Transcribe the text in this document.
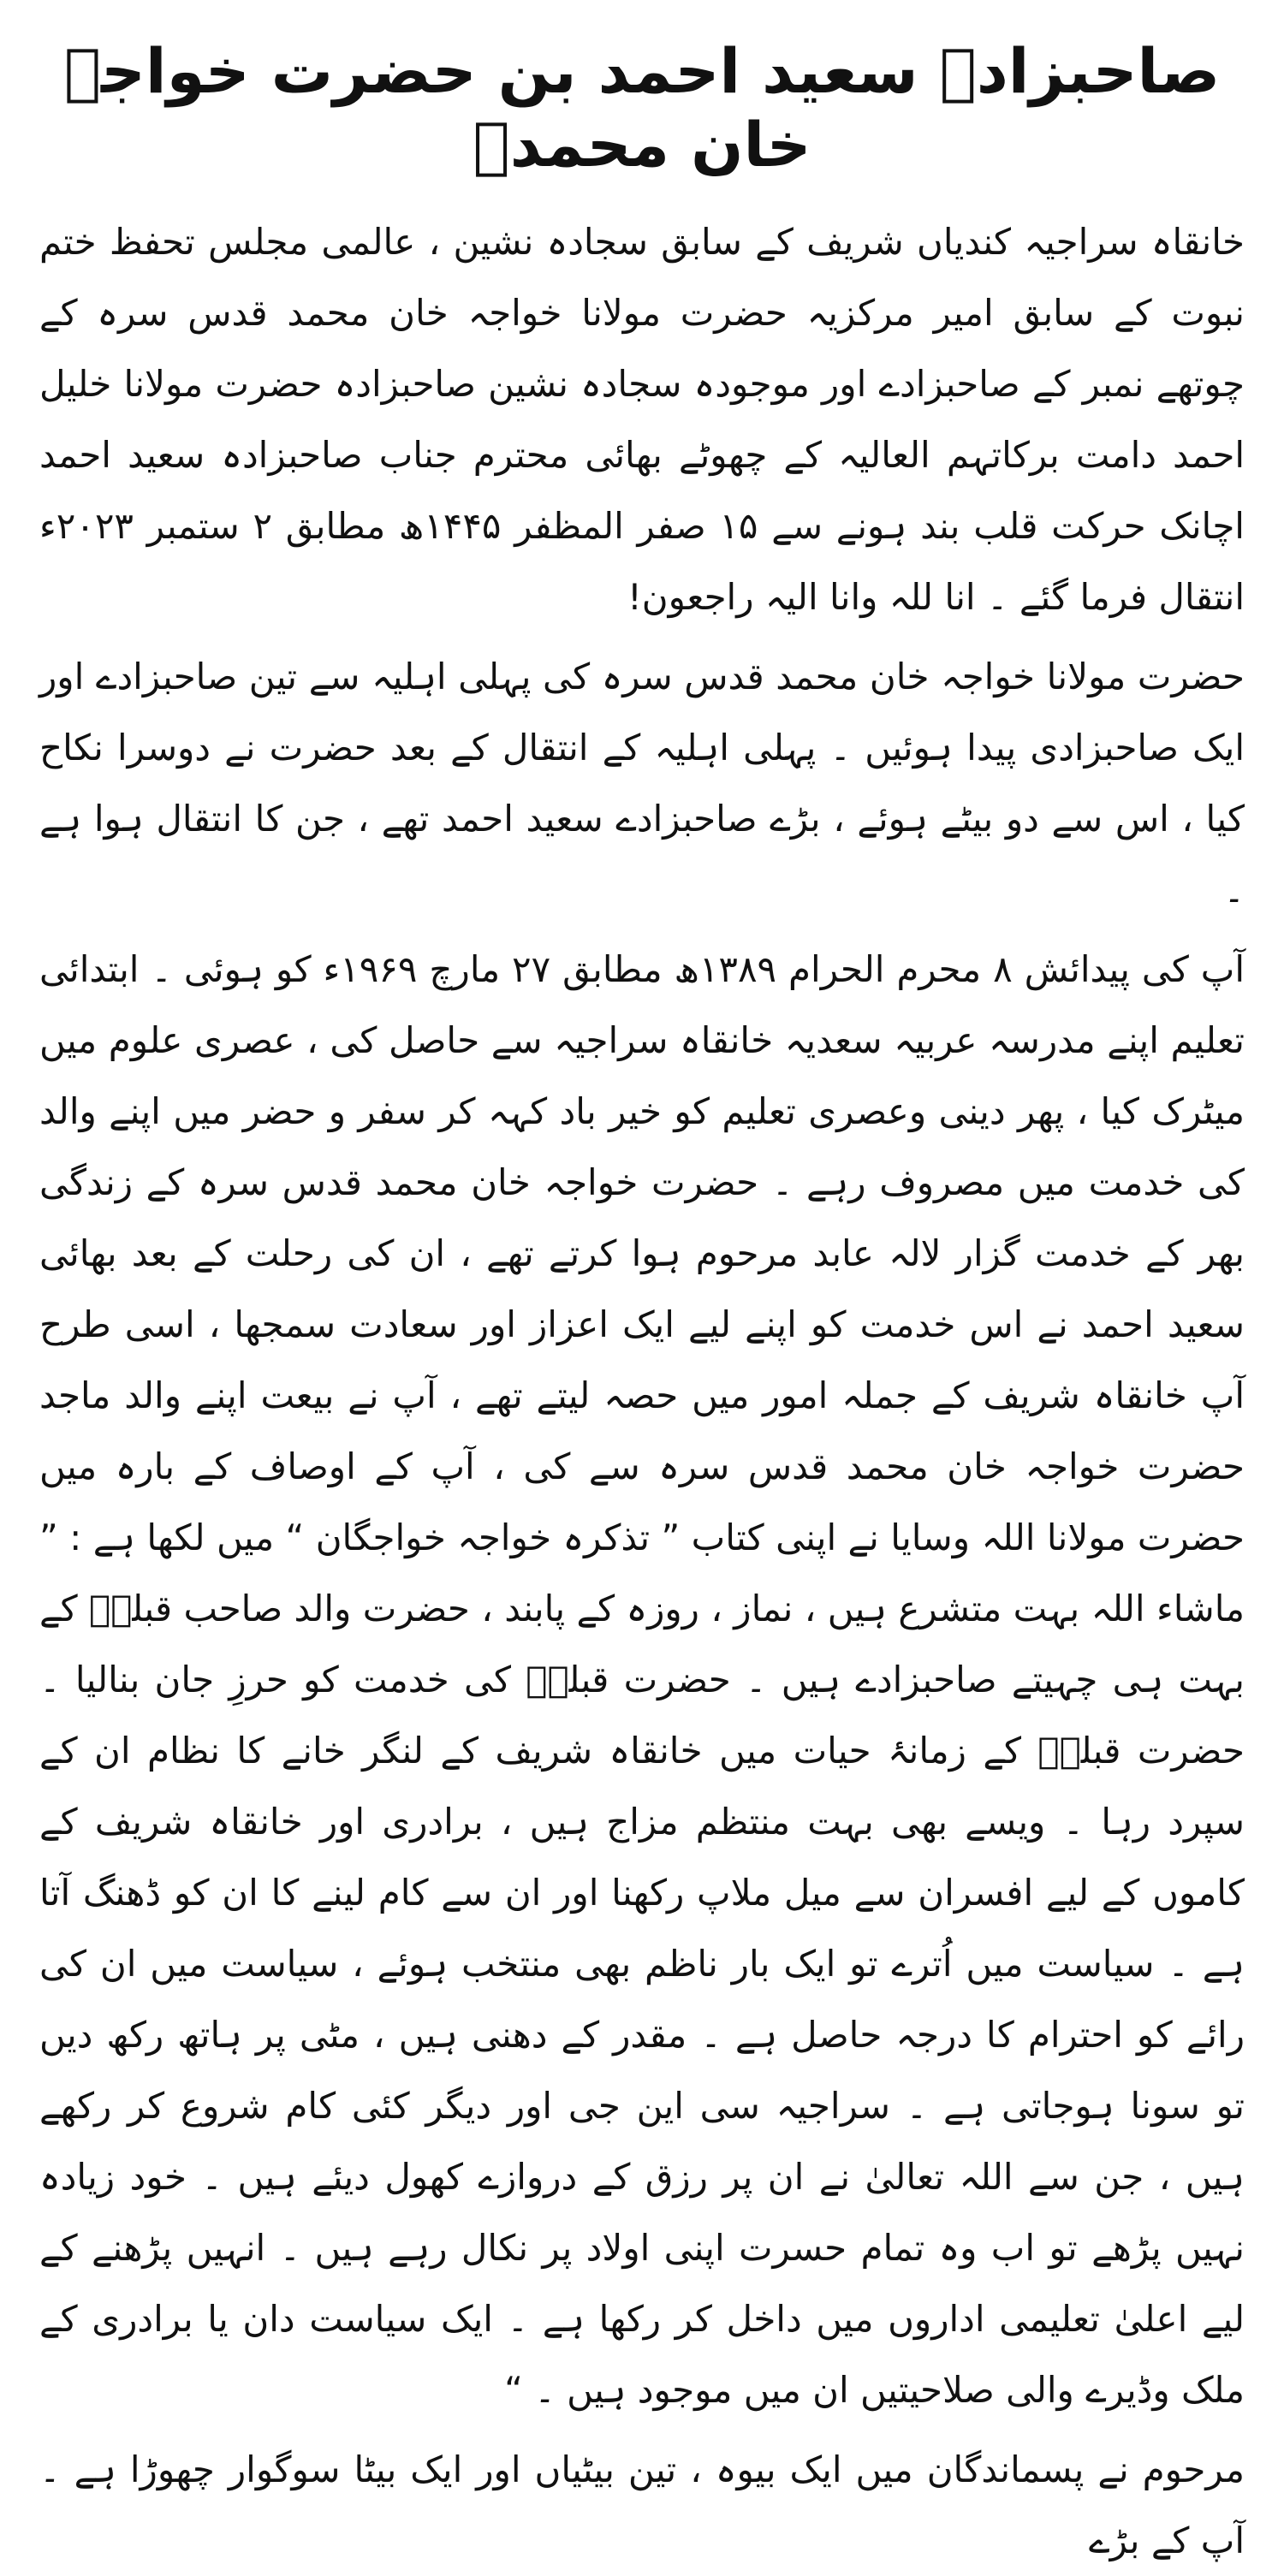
صاحبزادہ سعید احمد بن حضرت خواجہ خان محمدؒ

خانقاہ سراجیہ کندیاں شریف کے سابق سجادہ نشین ، عالمی مجلس تحفظ ختم نبوت کے سابق امیر مرکزیہ حضرت مولانا خواجہ خان محمد قدس سرہ کے چوتھے نمبر کے صاحبزادے اور موجودہ سجادہ نشین صاحبزادہ حضرت مولانا خلیل احمد دامت برکاتہم العالیہ کے چھوٹے بھائی محترم جناب صاحبزادہ سعید احمد اچانک حرکت قلب بند ہونے سے ۱۵ صفر المظفر ۱۴۴۵ھ مطابق ۲ ستمبر ۲۰۲۳ء انتقال فرما گئے ۔ انا للہ وانا الیہ راجعون!

حضرت مولانا خواجہ خان محمد قدس سرہ کی پہلی اہلیہ سے تین صاحبزادے اور ایک صاحبزادی پیدا ہوئیں ۔ پہلی اہلیہ کے انتقال کے بعد حضرت نے دوسرا نکاح کیا ، اس سے دو بیٹے ہوئے ، بڑے صاحبزادے سعید احمد تھے ، جن کا انتقال ہوا ہے ۔

آپ کی پیدائش ۸ محرم الحرام ۱۳۸۹ھ مطابق ۲۷ مارچ ۱۹۶۹ء کو ہوئی ۔ ابتدائی تعلیم اپنے مدرسہ عربیہ سعدیہ خانقاہ سراجیہ سے حاصل کی ، عصری علوم میں میٹرک کیا ، پھر دینی وعصری تعلیم کو خیر باد کہہ کر سفر و حضر میں اپنے والد کی خدمت میں مصروف رہے ۔ حضرت خواجہ خان محمد قدس سرہ کے زندگی بھر کے خدمت گزار لالہ عابد مرحوم ہوا کرتے تھے ، ان کی رحلت کے بعد بھائی سعید احمد نے اس خدمت کو اپنے لیے ایک اعزاز اور سعادت سمجھا ، اسی طرح آپ خانقاہ شریف کے جملہ امور میں حصہ لیتے تھے ، آپ نے بیعت اپنے والد ماجد حضرت خواجہ خان محمد قدس سرہ سے کی ، آپ کے اوصاف کے بارہ میں حضرت مولانا اللہ وسایا نے اپنی کتاب ” تذکرہ خواجہ خواجگان “ میں لکھا ہے : ” ماشاء اللہ بہت متشرع ہیں ، نماز ، روزہ کے پابند ، حضرت والد صاحب قبلہؒ کے بہت ہی چہیتے صاحبزادے ہیں ۔ حضرت قبلہؒ کی خدمت کو حرزِ جان بنالیا ۔ حضرت قبلہؒ کے زمانۂ حیات میں خانقاہ شریف کے لنگر خانے کا نظام ان کے سپرد رہا ۔ ویسے بھی بہت منتظم مزاج ہیں ، برادری اور خانقاہ شریف کے کاموں کے لیے افسران سے میل ملاپ رکھنا اور ان سے کام لینے کا ان کو ڈھنگ آتا ہے ۔ سیاست میں اُترے تو ایک بار ناظم بھی منتخب ہوئے ، سیاست میں ان کی رائے کو احترام کا درجہ حاصل ہے ۔ مقدر کے دھنی ہیں ، مٹی پر ہاتھ رکھ دیں تو سونا ہوجاتی ہے ۔ سراجیہ سی این جی اور دیگر کئی کام شروع کر رکھے ہیں ، جن سے اللہ تعالیٰ نے ان پر رزق کے دروازے کھول دیئے ہیں ۔ خود زیادہ نہیں پڑھے تو اب وہ تمام حسرت اپنی اولاد پر نکال رہے ہیں ۔ انہیں پڑھنے کے لیے اعلیٰ تعلیمی اداروں میں داخل کر رکھا ہے ۔ ایک سیاست دان یا برادری کے ملک وڈیرے والی صلاحیتیں ان میں موجود ہیں ۔ “

مرحوم نے پسماندگان میں ایک بیوہ ، تین بیٹیاں اور ایک بیٹا سوگوار چھوڑا ہے ۔ آپ کے بڑے
